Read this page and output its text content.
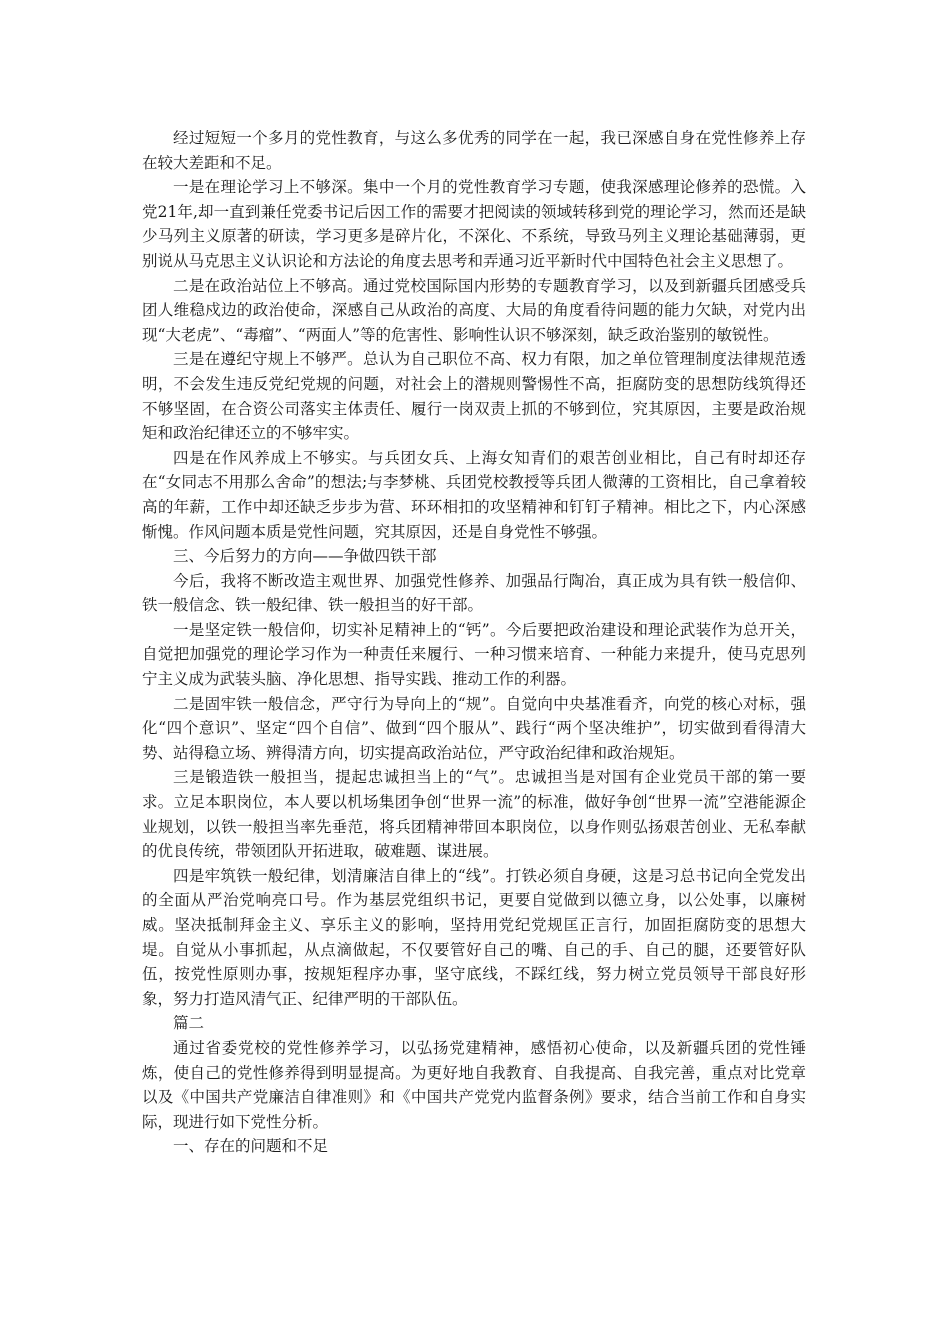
经过短短一个多月的党性教育，与这么多优秀的同学在一起，我已深感自身在党性修养上存在较大差距和不足。

一是在理论学习上不够深。集中一个月的党性教育学习专题，使我深感理论修养的恐慌。入党21年,却一直到兼任党委书记后因工作的需要才把阅读的领域转移到党的理论学习，然而还是缺少马列主义原著的研读，学习更多是碎片化，不深化、不系统，导致马列主义理论基础薄弱，更别说从马克思主义认识论和方法论的角度去思考和弄通习近平新时代中国特色社会主义思想了。

二是在政治站位上不够高。通过党校国际国内形势的专题教育学习，以及到新疆兵团感受兵团人维稳戍边的政治使命，深感自己从政治的高度、大局的角度看待问题的能力欠缺，对党内出现“大老虎”、“毒瘤”、“两面人”等的危害性、影响性认识不够深刻，缺乏政治鉴别的敏锐性。

三是在遵纪守规上不够严。总认为自己职位不高、权力有限，加之单位管理制度法律规范透明，不会发生违反党纪党规的问题，对社会上的潜规则警惕性不高，拒腐防变的思想防线筑得还不够坚固，在合资公司落实主体责任、履行一岗双责上抓的不够到位，究其原因，主要是政治规矩和政治纪律还立的不够牢实。

四是在作风养成上不够实。与兵团女兵、上海女知青们的艰苦创业相比，自己有时却还存在“女同志不用那么舍命”的想法;与李梦桃、兵团党校教授等兵团人微薄的工资相比，自己拿着较高的年薪，工作中却还缺乏步步为营、环环相扣的攻坚精神和钉钉子精神。相比之下，内心深感惭愧。作风问题本质是党性问题，究其原因，还是自身党性不够强。

三、今后努力的方向——争做四铁干部

今后，我将不断改造主观世界、加强党性修养、加强品行陶冶，真正成为具有铁一般信仰、铁一般信念、铁一般纪律、铁一般担当的好干部。

一是坚定铁一般信仰，切实补足精神上的“钙”。今后要把政治建设和理论武装作为总开关，自觉把加强党的理论学习作为一种责任来履行、一种习惯来培育、一种能力来提升，使马克思列宁主义成为武装头脑、净化思想、指导实践、推动工作的利器。

二是固牢铁一般信念，严守行为导向上的“规”。自觉向中央基准看齐，向党的核心对标，强化“四个意识”、坚定“四个自信”、做到“四个服从”、践行“两个坚决维护”，切实做到看得清大势、站得稳立场、辨得清方向，切实提高政治站位，严守政治纪律和政治规矩。

三是锻造铁一般担当，提起忠诚担当上的“气”。忠诚担当是对国有企业党员干部的第一要求。立足本职岗位，本人要以机场集团争创“世界一流”的标准，做好争创“世界一流”空港能源企业规划，以铁一般担当率先垂范，将兵团精神带回本职岗位，以身作则弘扬艰苦创业、无私奉献的优良传统，带领团队开拓进取，破难题、谋进展。

四是牢筑铁一般纪律，划清廉洁自律上的“线”。打铁必须自身硬，这是习总书记向全党发出的全面从严治党响亮口号。作为基层党组织书记，更要自觉做到以德立身，以公处事，以廉树威。坚决抵制拜金主义、享乐主义的影响，坚持用党纪党规匡正言行，加固拒腐防变的思想大堤。自觉从小事抓起，从点滴做起，不仅要管好自己的嘴、自己的手、自己的腿，还要管好队伍，按党性原则办事，按规矩程序办事，坚守底线，不踩红线，努力树立党员领导干部良好形象，努力打造风清气正、纪律严明的干部队伍。

篇二

通过省委党校的党性修养学习，以弘扬党建精神，感悟初心使命，以及新疆兵团的党性锤炼，使自己的党性修养得到明显提高。为更好地自我教育、自我提高、自我完善，重点对比党章以及《中国共产党廉洁自律准则》和《中国共产党党内监督条例》要求，结合当前工作和自身实际，现进行如下党性分析。

一、存在的问题和不足
